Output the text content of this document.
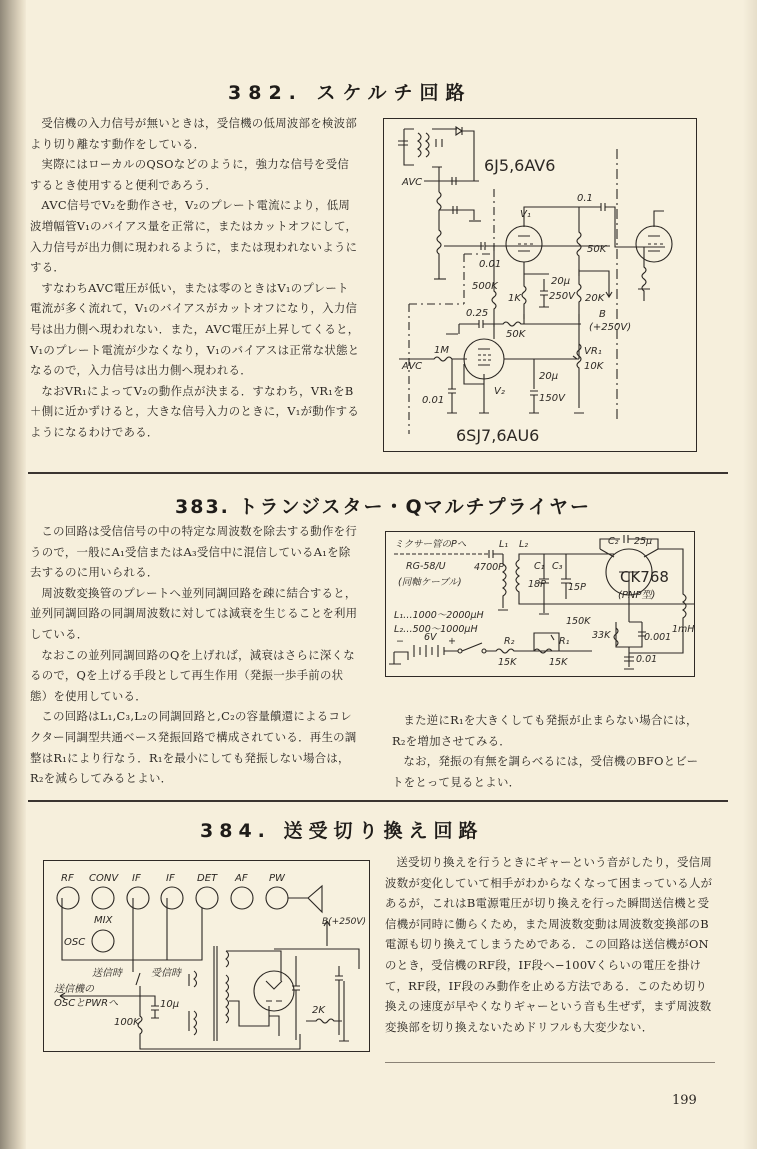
382. スケルチ回路

受信機の入力信号が無いときは，受信機の低周波部を検波部より切り離なす動作をしている．

実際にはローカルのQSOなどのように，強力な信号を受信するとき使用すると便利であろう．

AVC信号でV₂を動作させ，V₂のプレート電流により，低周波増幅管V₁のバイアス量を正常に，またはカットオフにして，入力信号が出力側に現われるように，または現われないようにする．

すなわちAVC電圧が低い，または零のときはV₁のプレート電流が多く流れて，V₁のバイアスがカットオフになり，入力信号は出力側へ現われない．また，AVC電圧が上昇してくると，V₁のプレート電流が少なくなり，V₁のバイアスは正常な状態となるので，入力信号は出力側へ現われる．

なおVR₁によってV₂の動作点が決まる．すなわち，VR₁をB＋側に近かずけると，大きな信号入力のときに，V₁が動作するようになるわけである．

AVC
0.01
0.1
500K
50K
1K
20μ
250V 20K
B
(+250V)
0.25
50K
1M
AVC
0.01
V₁
V₂
20μ
150V
VR₁
10K
6J5,6AV6
6SJ7,6AU6
383. トランジスター・Qマルチプライヤー

この回路は受信信号の中の特定な周波数を除去する動作を行うので，一般にA₁受信またはA₃受信中に混信しているA₁を除去するのに用いられる．

周波数変換管のプレートへ並列同調回路を疎に結合すると，並列同調回路の同調周波数に対しては減衰を生じることを利用している．

なおこの並列同調回路のQを上げれば，減衰はさらに深くなるので，Qを上げる手段として再生作用（発振一歩手前の状態）を使用している．

この回路はL₁,C₃,L₂の同調回路と,C₂の容量饋還によるコレクター同調型共通ベース発振回路で構成されている．再生の調整はR₁により行なう．R₁を最小にしても発振しない場合は，R₂を減らしてみるとよい．

ミクサー管のPへ
RG-58/U
(同軸ケーブル)
4700P
L₁ L₂
C₁
18P
C₃
15P
C₂ 25μ
L₁…1000～2000μH
L₂…500～1000μH
150K
33K	0.001
1mH
6V
−	+	R₂
15K
R₁
15K	0.01
CK768
(PNP型)

また逆にR₁を大きくしても発振が止まらない場合には，R₂を増加させてみる．

なお，発振の有無を調らべるには，受信機のBFOとビートをとって見るとよい．

384. 送受切り換え回路
RF CONV IF	IF DET AF PW
MIX
OSC
B(+250V)
送信時	受信時
送信機の
OSCとPWRへ	10μ
100K
2K

送受切り換えを行うときにギャーという音がしたり，受信周波数が変化していて相手がわからなくなって困まっている人があるが，これはB電源電圧が切り換えを行った瞬間送信機と受信機が同時に働らくため，また周波数変動は周波数変換部のB電源も切り換えてしまうためである．この回路は送信機がONのとき，受信機のRF段，IF段へ−100Vくらいの電圧を掛けて，RF段，IF段のみ動作を止める方法である．このため切り換えの速度が早やくなりギャーという音も生ぜず，まず周波数変換部を切り換えないためドリフルも大変少ない．

199
